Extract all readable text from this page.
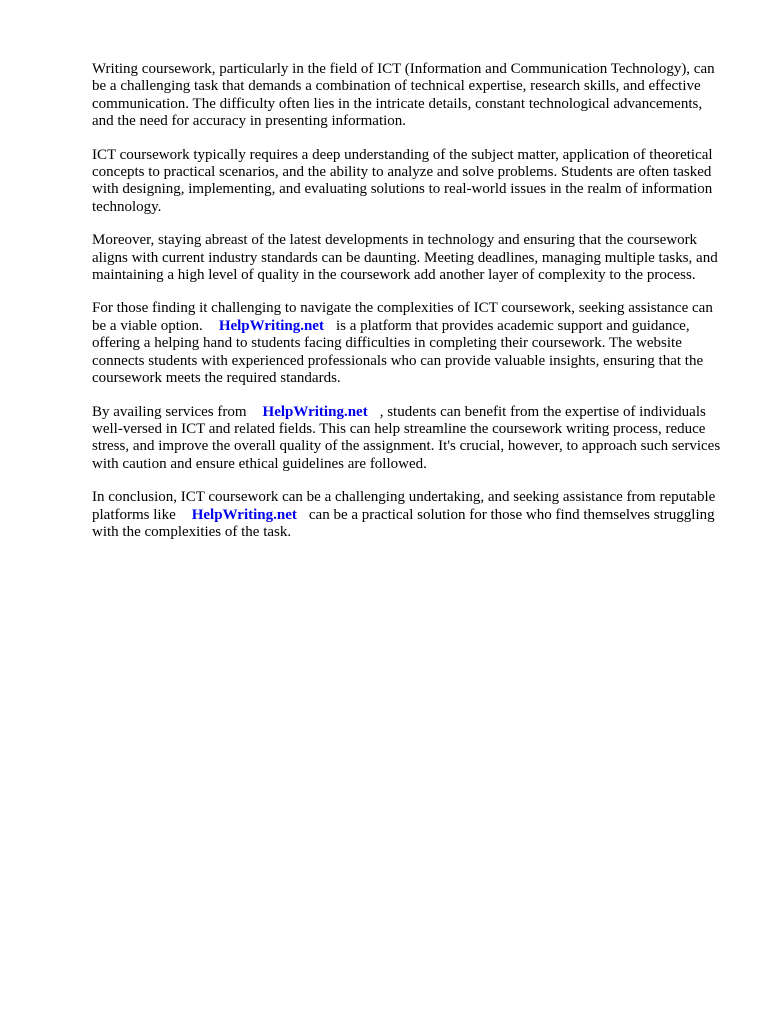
Writing coursework, particularly in the field of ICT (Information and Communication Technology), can be a challenging task that demands a combination of technical expertise, research skills, and effective communication. The difficulty often lies in the intricate details, constant technological advancements, and the need for accuracy in presenting information.

ICT coursework typically requires a deep understanding of the subject matter, application of theoretical concepts to practical scenarios, and the ability to analyze and solve problems. Students are often tasked with designing, implementing, and evaluating solutions to real-world issues in the realm of information technology.

Moreover, staying abreast of the latest developments in technology and ensuring that the coursework aligns with current industry standards can be daunting. Meeting deadlines, managing multiple tasks, and maintaining a high level of quality in the coursework add another layer of complexity to the process.

For those finding it challenging to navigate the complexities of ICT coursework, seeking assistance can be a viable option. HelpWriting.net is a platform that provides academic support and guidance, offering a helping hand to students facing difficulties in completing their coursework. The website connects students with experienced professionals who can provide valuable insights, ensuring that the coursework meets the required standards.

By availing services from HelpWriting.net , students can benefit from the expertise of individuals well-versed in ICT and related fields. This can help streamline the coursework writing process, reduce stress, and improve the overall quality of the assignment. It's crucial, however, to approach such services with caution and ensure ethical guidelines are followed.

In conclusion, ICT coursework can be a challenging undertaking, and seeking assistance from reputable platforms like HelpWriting.net can be a practical solution for those who find themselves struggling with the complexities of the task.
